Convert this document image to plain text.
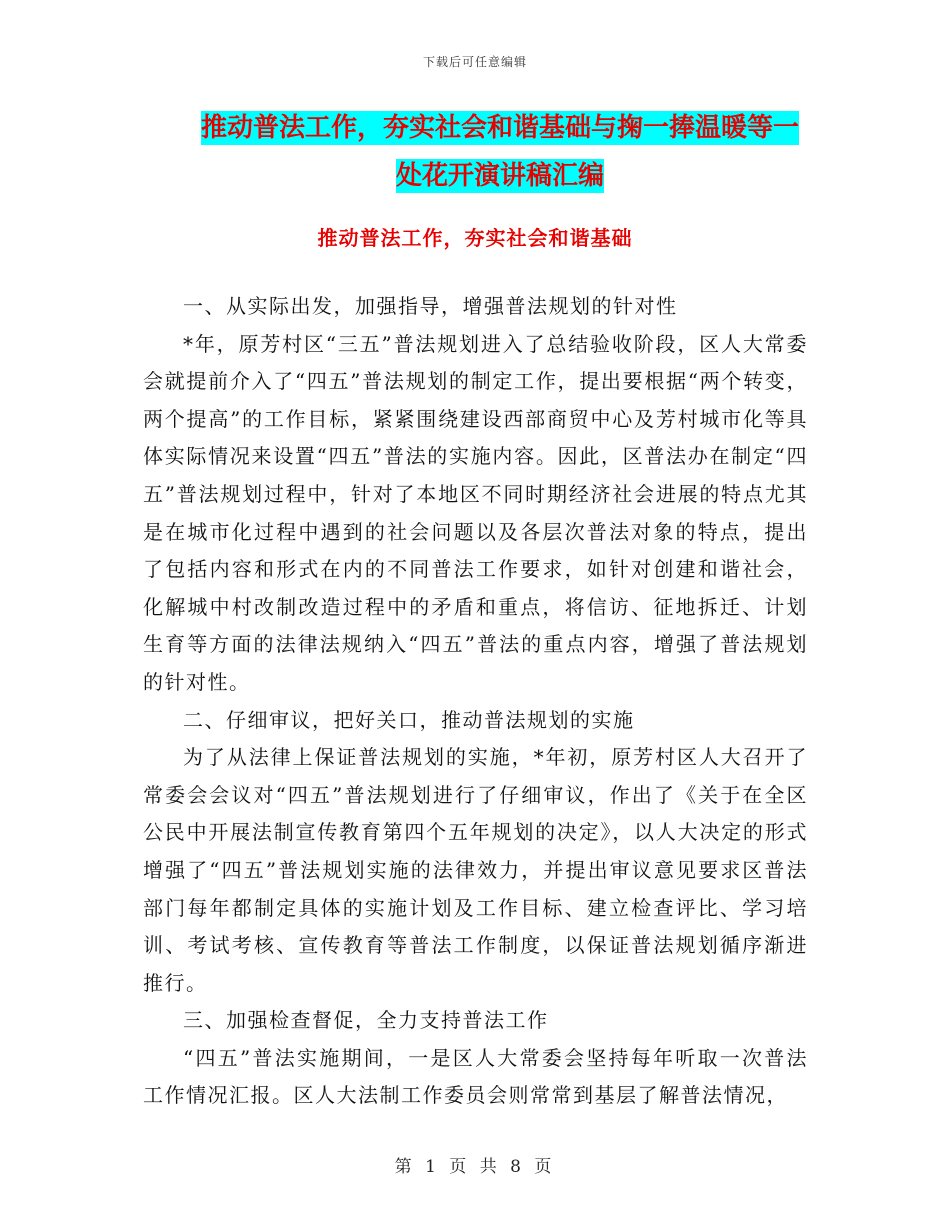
下载后可任意编辑
推动普法工作，夯实社会和谐基础与掬一捧温暖等一
处花开演讲稿汇编
推动普法工作，夯实社会和谐基础

一、从实际出发，加强指导，增强普法规划的针对性

*年，原芳村区“三五”普法规划进入了总结验收阶段，区人大常委会就提前介入了“四五”普法规划的制定工作，提出要根据“两个转变，两个提高”的工作目标，紧紧围绕建设西部商贸中心及芳村城市化等具体实际情况来设置“四五”普法的实施内容。因此，区普法办在制定“四五”普法规划过程中，针对了本地区不同时期经济社会进展的特点尤其是在城市化过程中遇到的社会问题以及各层次普法对象的特点，提出了包括内容和形式在内的不同普法工作要求，如针对创建和谐社会，化解城中村改制改造过程中的矛盾和重点，将信访、征地拆迁、计划生育等方面的法律法规纳入“四五”普法的重点内容，增强了普法规划的针对性。

二、仔细审议，把好关口，推动普法规划的实施

为了从法律上保证普法规划的实施，*年初，原芳村区人大召开了常委会会议对“四五”普法规划进行了仔细审议，作出了《关于在全区公民中开展法制宣传教育第四个五年规划的决定》，以人大决定的形式增强了“四五”普法规划实施的法律效力，并提出审议意见要求区普法部门每年都制定具体的实施计划及工作目标、建立检查评比、学习培训、考试考核、宣传教育等普法工作制度，以保证普法规划循序渐进推行。

三、加强检查督促，全力支持普法工作

“四五”普法实施期间，一是区人大常委会坚持每年听取一次普法工作情况汇报。区人大法制工作委员会则常常到基层了解普法情况，

第 1 页 共 8 页
